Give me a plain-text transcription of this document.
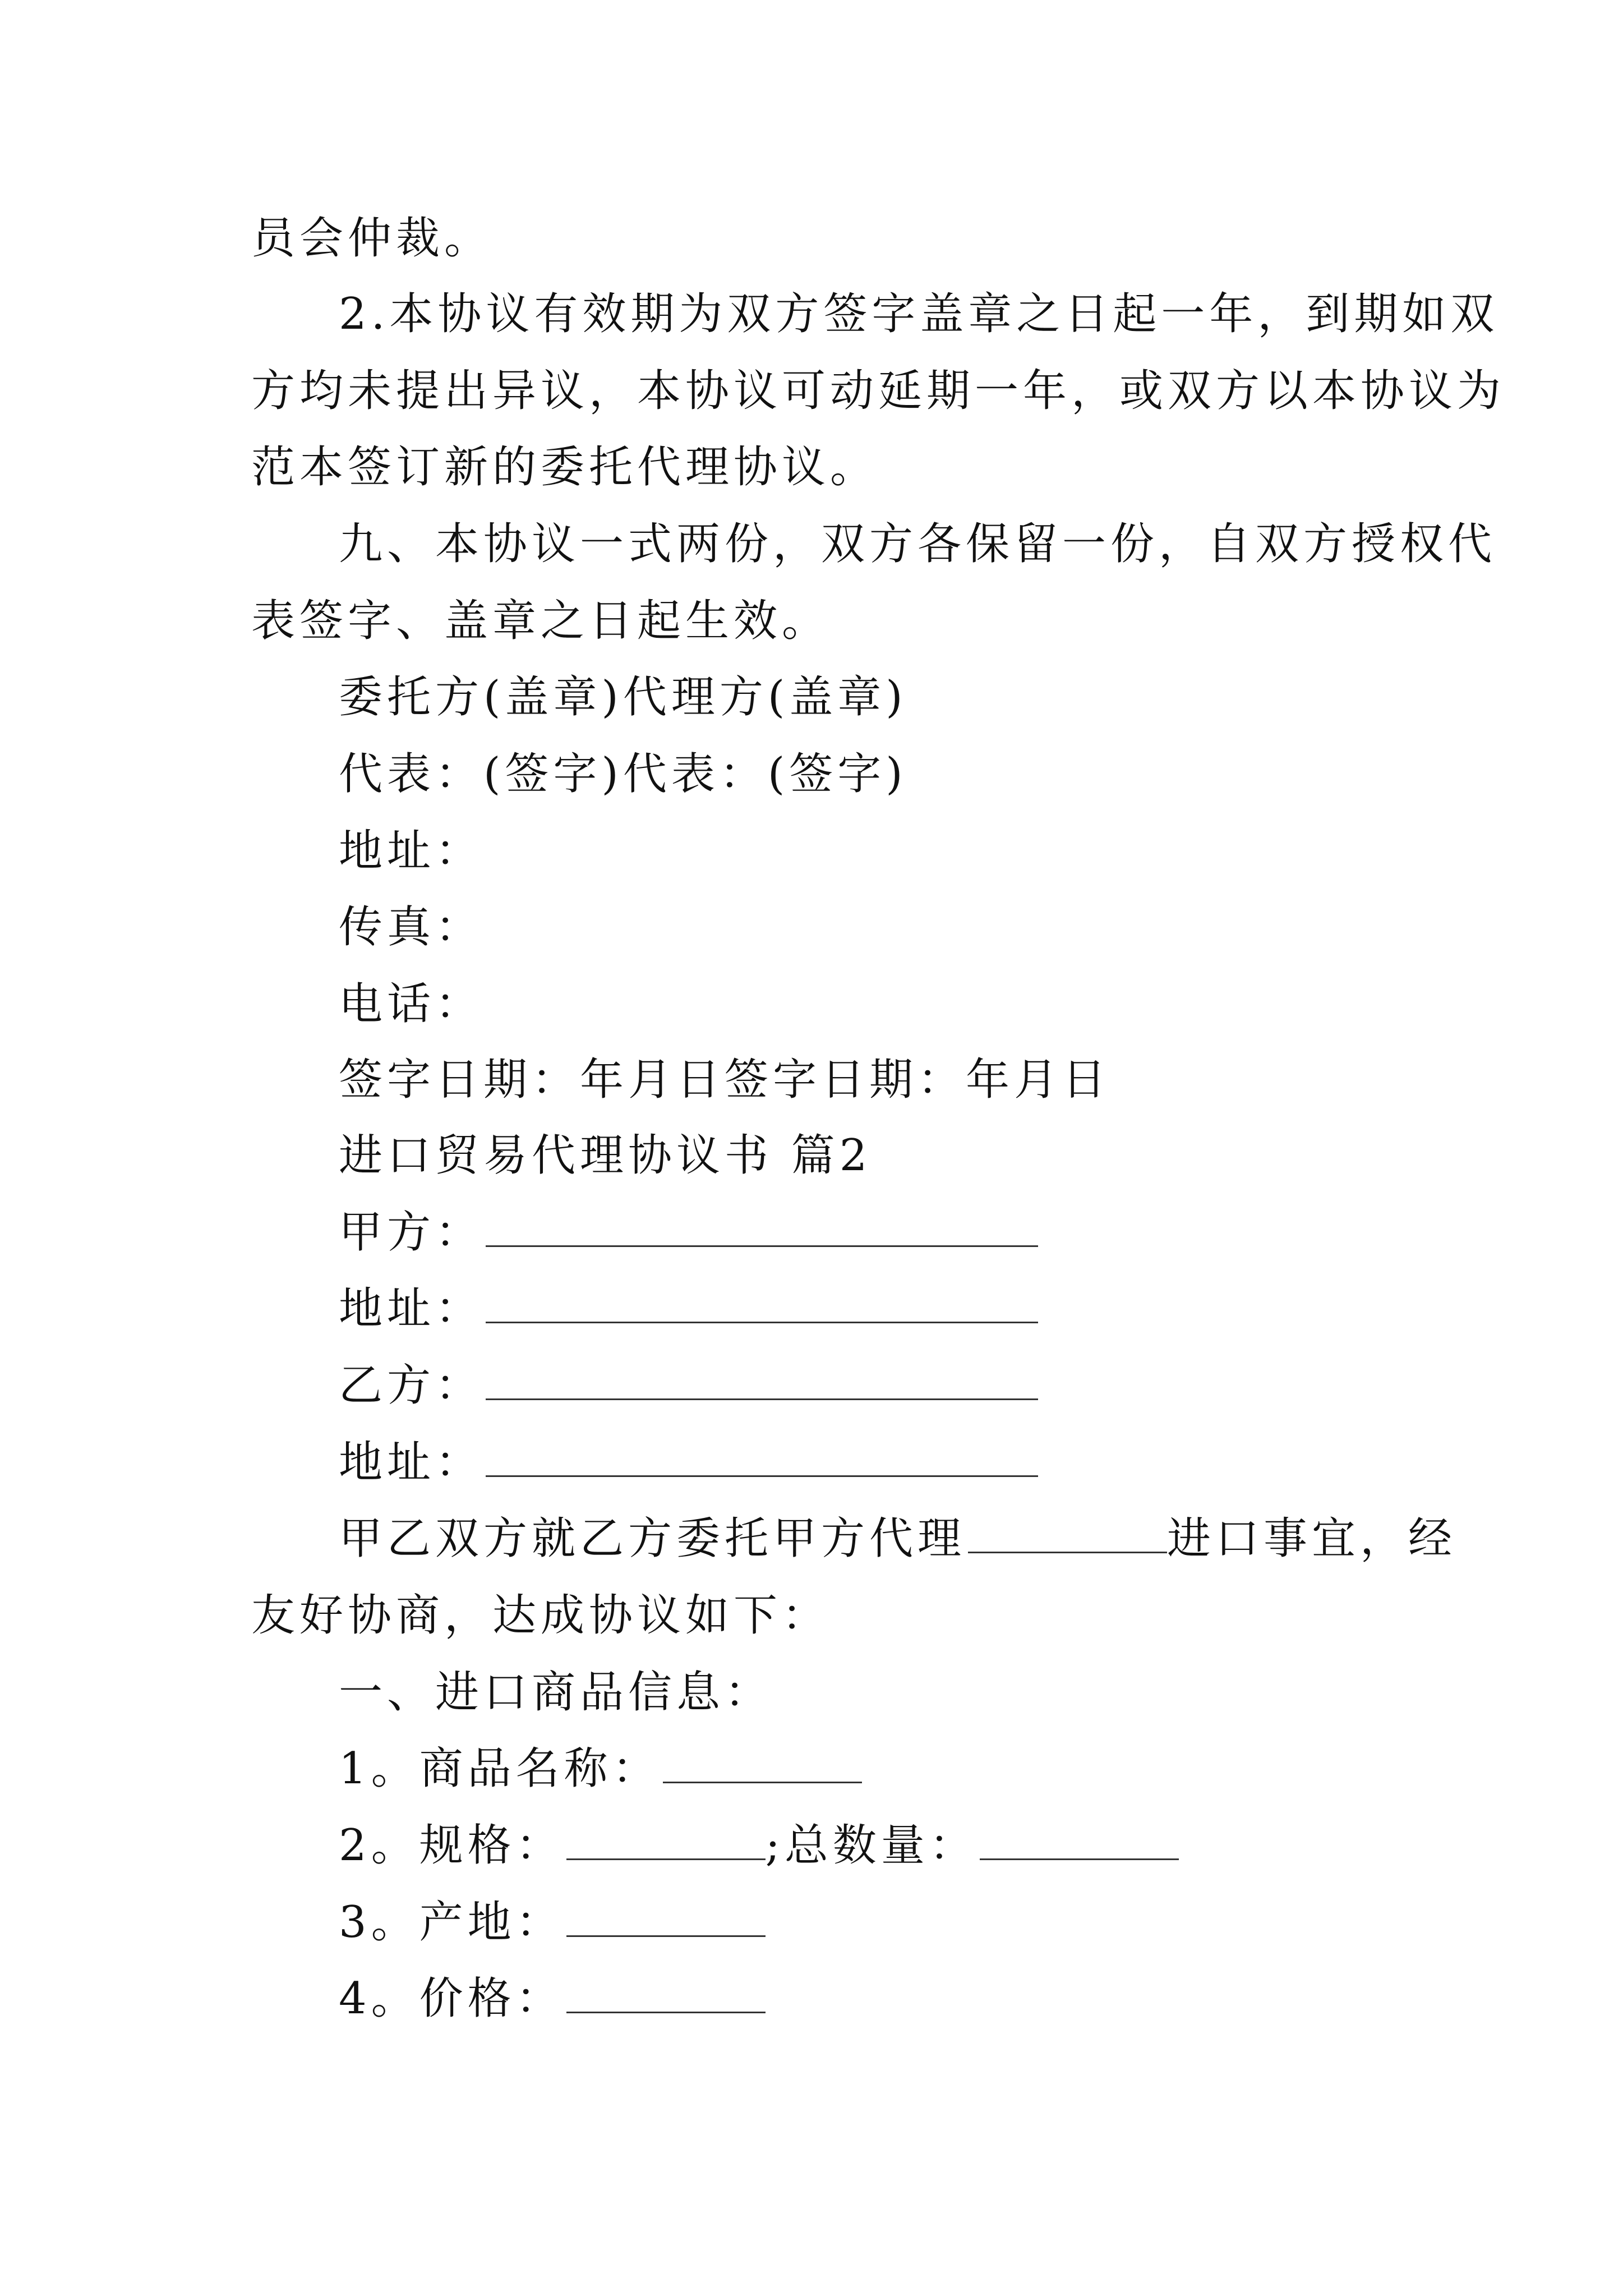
员会仲裁。
2.本协议有效期为双方签字盖章之日起一年，到期如双
方均未提出异议，本协议可动延期一年，或双方以本协议为
范本签订新的委托代理协议。
九、本协议一式两份，双方各保留一份，自双方授权代
表签字、盖章之日起生效。
委托方(盖章)代理方(盖章)
代表：(签字)代表：(签字)
地址：
传真：
电话：
签字日期：年月日签字日期：年月日
进口贸易代理协议书 篇2
甲方：
地址：
乙方：
地址：
甲乙双方就乙方委托甲方代理	进口事宜，经
友好协商，达成协议如下：
一、进口商品信息：
1。商品名称：
2。规格：	;总数量：
3。产地：
4。价格：
